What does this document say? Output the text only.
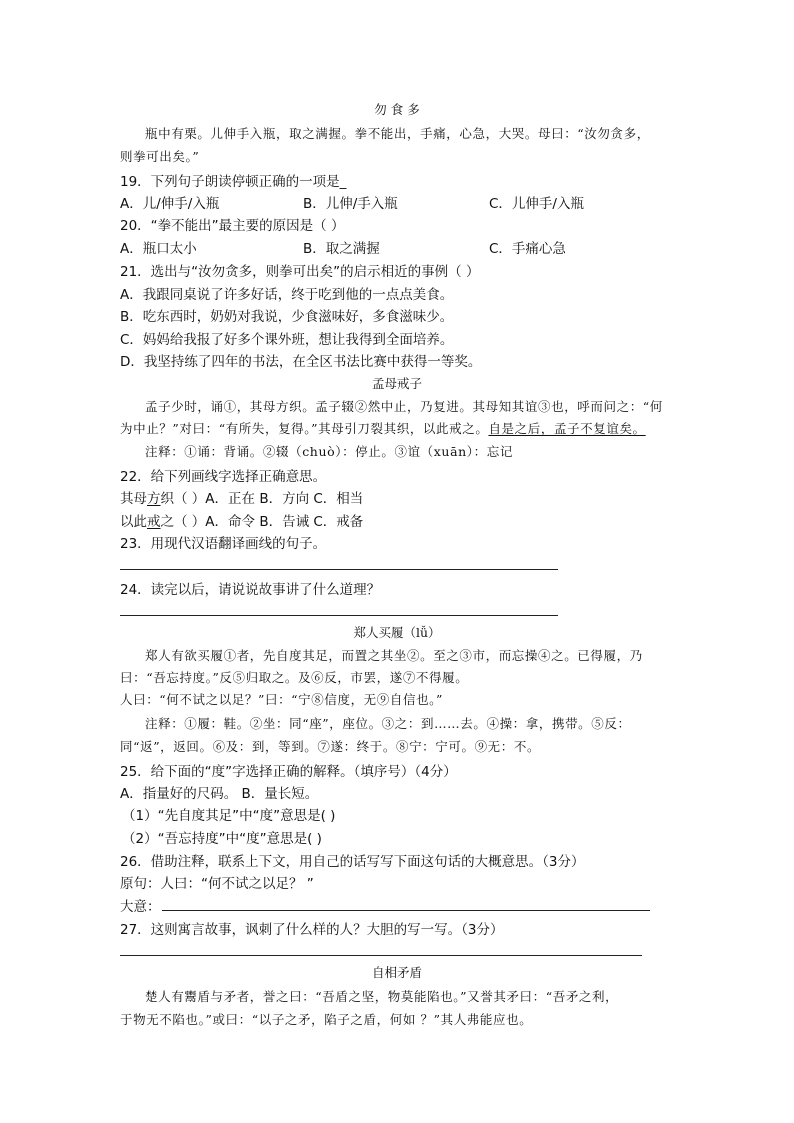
勿 食 多
瓶中有栗。儿伸手入瓶，取之满握。拳不能出，手痛，心急，大哭。母曰：“汝勿贪多，
则拳可出矣。”
19．下列句子朗读停顿正确的一项是_
A．儿/伸手/入瓶	B．儿伸/手入瓶	C．儿伸手/入瓶
20．“拳不能出”最主要的原因是（ ）
A．瓶口太小	B．取之满握	C．手痛心急
21．选出与“汝勿贪多，则拳可出矣”的启示相近的事例（ ）
A．我跟同桌说了许多好话，终于吃到他的一点点美食。
B．吃东西时，奶奶对我说，少食滋味好，多食滋味少。
C．妈妈给我报了好多个课外班，想让我得到全面培养。
D．我坚持练了四年的书法，在全区书法比赛中获得一等奖。
孟母戒子
孟子少时，诵①，其母方织。孟子辍②然中止，乃复进。其母知其谊③也，呼而问之：“何
为中止？”对曰：“有所失，复得。”其母引刀裂其织，以此戒之。自是之后，孟子不复谊矣。
注释：①诵：背诵。②辍（chuò）：停止。③谊（xuān）：忘记
22．给下列画线字选择正确意思。
其母方织（ ）A．正在 B．方向 C．相当
以此戒之（ ）A．命令 B．告诫 C．戒备
23．用现代汉语翻译画线的句子。
24．读完以后，请说说故事讲了什么道理？
郑人买履（lǚ）
郑人有欲买履①者，先自度其足，而置之其坐②。至之③市，而忘操④之。已得履，乃
曰：“吾忘持度。”反⑤归取之。及⑥反，市罢，遂⑦不得履。
人曰：“何不试之以足？”曰：“宁⑧信度，无⑨自信也。”
注释：①履：鞋。②坐：同“座”，座位。③之：到……去。④操：拿，携带。⑤反：
同“返”，返回。⑥及：到，等到。⑦遂：终于。⑧宁：宁可。⑨无：不。
25．给下面的“度”字选择正确的解释。（填序号）（4分）
A．指量好的尺码。 B．量长短。
（1）“先自度其足”中“度”意思是( )
（2）“吾忘持度”中“度”意思是( )
26．借助注释，联系上下文，用自己的话写写下面这句话的大概意思。（3分）
原句：人曰：“何不试之以足？ ”
大意：
27．这则寓言故事，讽刺了什么样的人？大胆的写一写。（3分）
自相矛盾
楚人有鬻盾与矛者，誉之曰：“吾盾之坚，物莫能陷也。”又誉其矛曰：“吾矛之利，
于物无不陷也。”或曰：“以子之矛，陷子之盾，何如 ？”其人弗能应也。
